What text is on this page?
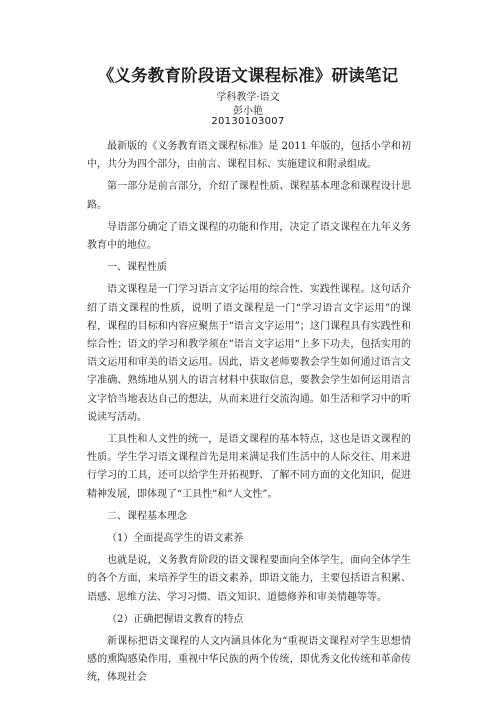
《义务教育阶段语文课程标准》研读笔记
学科教学·语文
彭小艳
20130103007

最新版的《义务教育语文课程标准》是 2011 年版的，包括小学和初中，共分为四个部分，由前言、课程目标、实施建议和附录组成。

第一部分是前言部分，介绍了课程性质、课程基本理念和课程设计思路。

导语部分确定了语文课程的功能和作用，决定了语文课程在九年义务教育中的地位。

一、课程性质

语文课程是一门学习语言文字运用的综合性、实践性课程。这句话介绍了语文课程的性质，说明了语文课程是一门“学习语言文字运用”的课程，课程的目标和内容应聚焦于“语言文字运用”；这门课程具有实践性和综合性；语文的学习和教学须在“语言文字运用“上多下功夫，包括实用的语文运用和审美的语文运用。因此，语文老师要教会学生如何通过语言文字准确、熟练地从别人的语言材料中获取信息，要教会学生如何运用语言文字恰当地表达自己的想法，从而来进行交流沟通。如生活和学习中的听说读写活动。

工具性和人文性的统一，是语文课程的基本特点，这也是语文课程的性质。学生学习语文课程首先是用来满足我们生活中的人际交往、用来进行学习的工具，还可以给学生开拓视野、了解不同方面的文化知识，促进精神发展，即体现了“工具性”和“人文性”。

二、课程基本理念

（1）全面提高学生的语文素养

也就是说，义务教育阶段的语文课程要面向全体学生，面向全体学生的各个方面，来培养学生的语文素养，即语文能力，主要包括语言积累、语感、思维方法、学习习惯、语文知识、道德修养和审美情趣等等。

（2）正确把握语文教育的特点

新课标把语文课程的人文内涵具体化为“重视语文课程对学生思想情感的熏陶感染作用，重视中华民族的两个传统，即优秀文化传统和革命传统，体现社会
